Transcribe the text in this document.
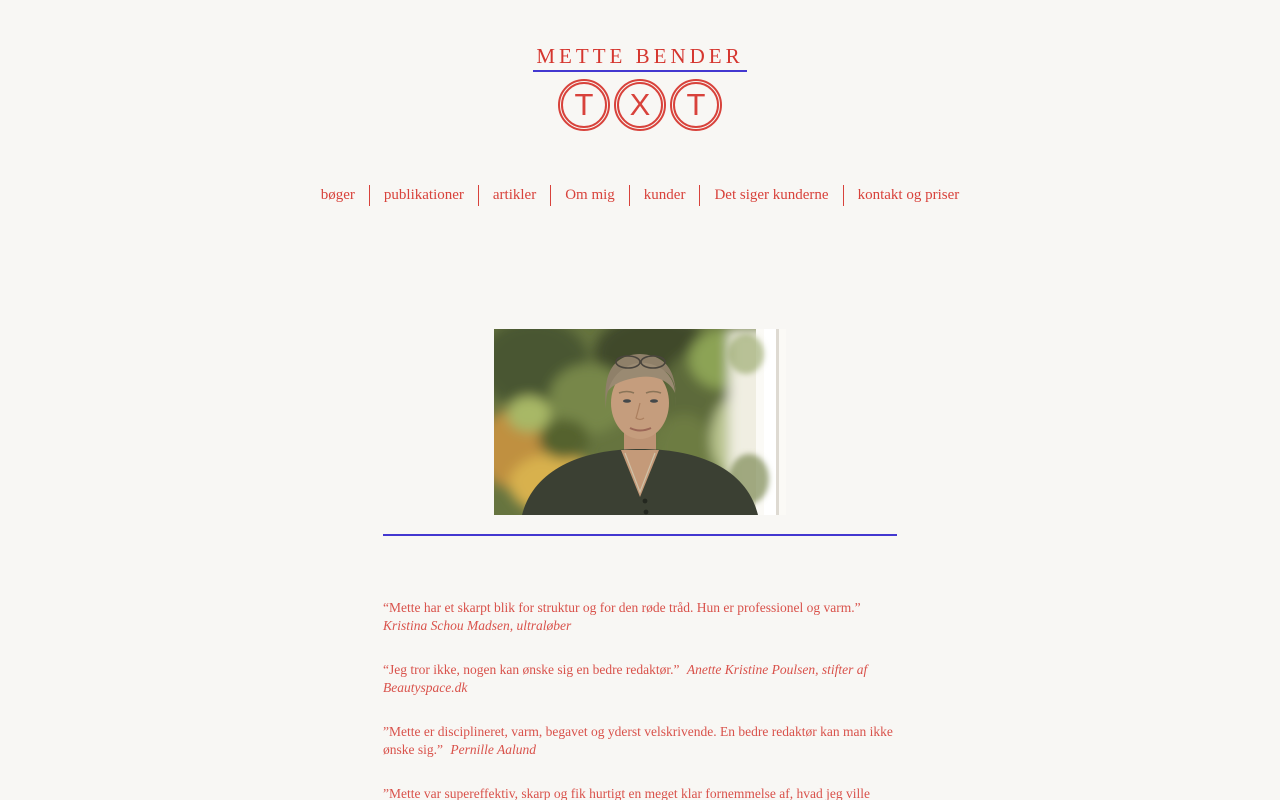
METTE BENDER
T	X	T
bøger	publikationer	artikler	Om mig	kunder	Det siger kunderne	kontakt og priser

“Mette har et skarpt blik for struktur og for den røde tråd. Hun er professionel og varm.”
Kristina Schou Madsen, ultraløber

“Jeg tror ikke, nogen kan ønske sig en bedre redaktør.” Anette Kristine Poulsen, stifter af Beautyspace.dk

”Mette er disciplineret, varm, begavet og yderst velskrivende. En bedre redaktør kan man ikke ønske sig.” Pernille Aalund

”Mette var supereffektiv, skarp og fik hurtigt en meget klar fornemmelse af, hvad jeg ville
